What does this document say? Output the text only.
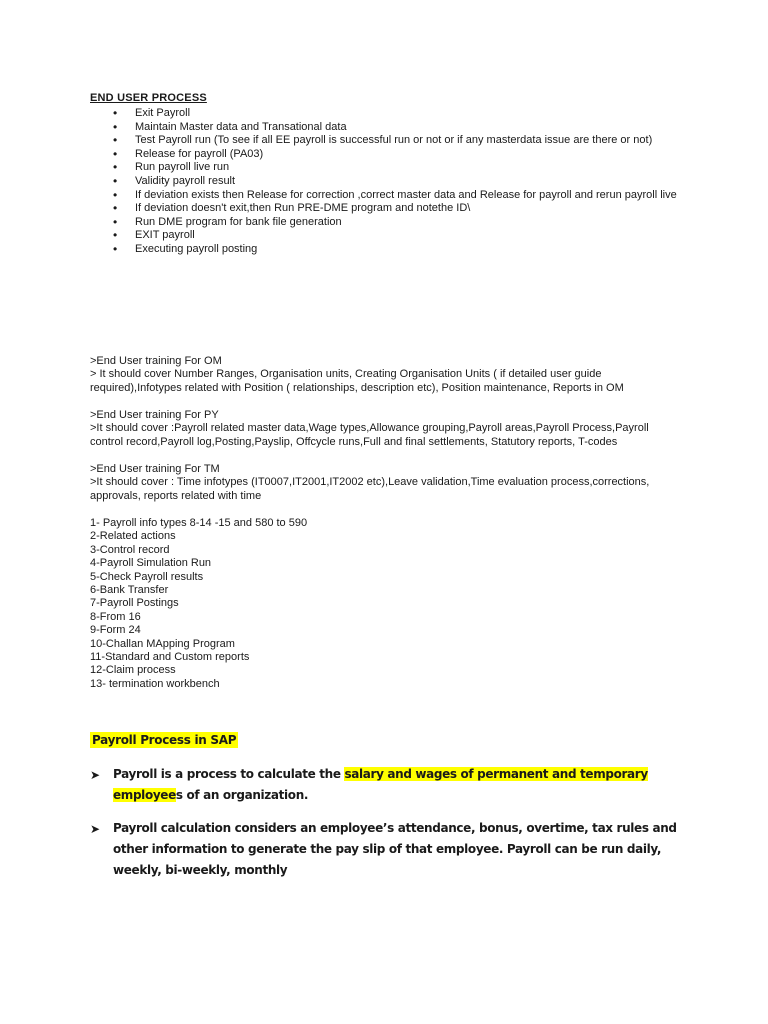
END USER PROCESS
• Exit Payroll
• Maintain Master data and Transational data
• Test Payroll run (To see if all EE payroll is successful run or not or if any masterdata issue are there or not)
• Release for payroll (PA03)
• Run payroll live run
• Validity payroll result
• If deviation exists then Release for correction ,correct master data and Release for payroll and rerun payroll live
• If deviation doesn't exit,then Run PRE-DME program and notethe ID\
• Run DME program for bank file generation
• EXIT payroll
• Executing payroll posting
>End User training For OM
> It should cover Number Ranges, Organisation units, Creating Organisation Units ( if detailed user guide required),Infotypes related with Position ( relationships, description etc), Position maintenance, Reports in OM
>End User training For PY
>It should cover :Payroll related master data,Wage types,Allowance grouping,Payroll areas,Payroll Process,Payroll control record,Payroll log,Posting,Payslip, Offcycle runs,Full and final settlements, Statutory reports, T-codes
>End User training For TM
>It should cover : Time infotypes (IT0007,IT2001,IT2002 etc),Leave validation,Time evaluation process,corrections, approvals, reports related with time
1- Payroll info types 8-14 -15 and 580 to 590
2-Related actions
3-Control record
4-Payroll Simulation Run
5-Check Payroll results
6-Bank Transfer
7-Payroll Postings
8-From 16
9-Form 24
10-Challan MApping Program
11-Standard and Custom reports
12-Claim process
13- termination workbench
Payroll Process in SAP
➤ Payroll is a process to calculate the salary and wages of permanent and temporary employees of an organization.
➤ Payroll calculation considers an employee’s attendance, bonus, overtime, tax rules and other information to generate the pay slip of that employee. Payroll can be run daily, weekly, bi-weekly, monthly
